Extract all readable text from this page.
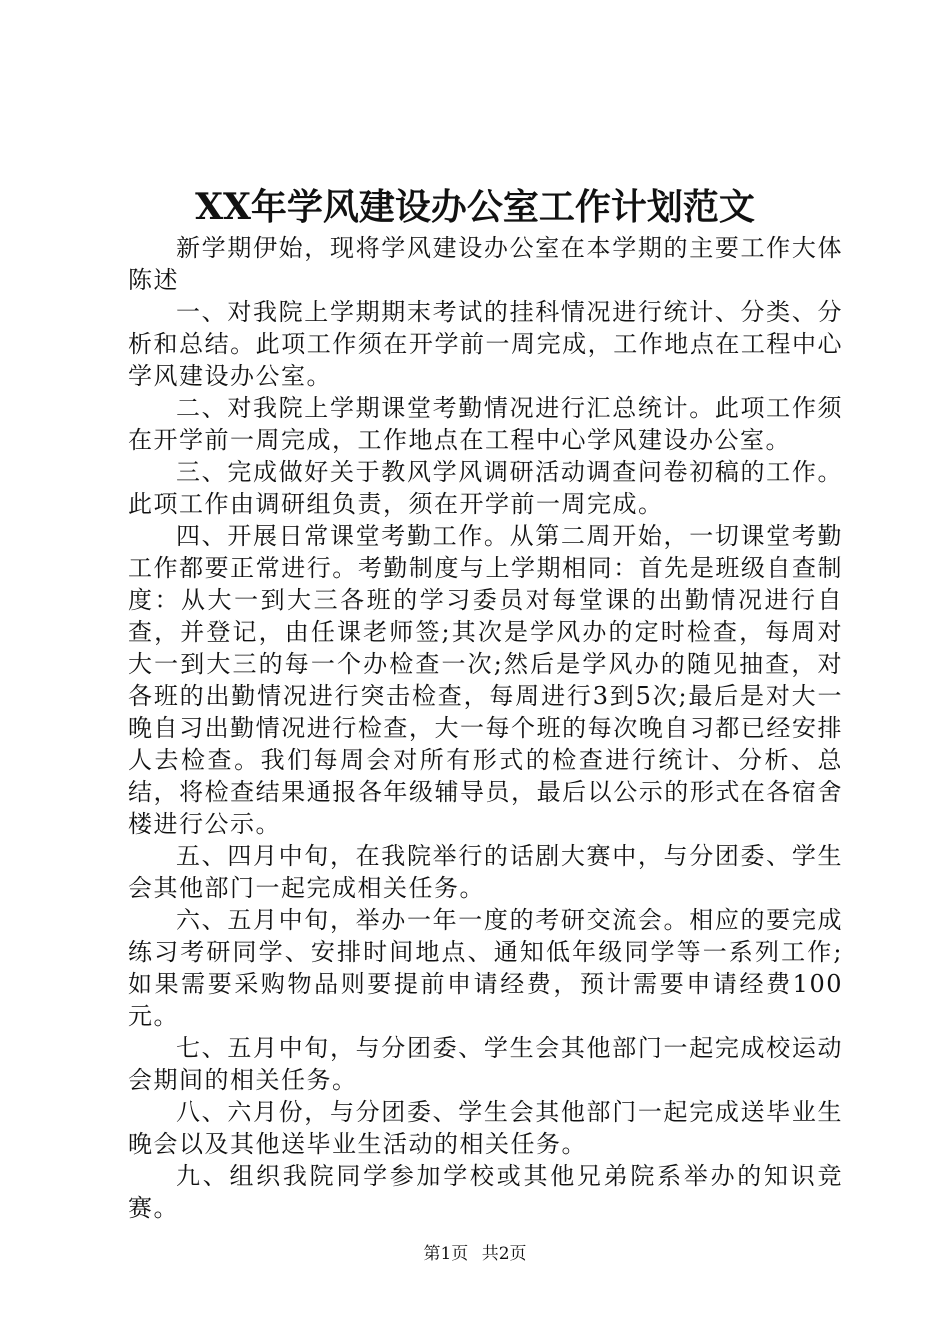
XX年学风建设办公室工作计划范文

新学期伊始，现将学风建设办公室在本学期的主要工作大体陈述

一、对我院上学期期末考试的挂科情况进行统计、分类、分析和总结。此项工作须在开学前一周完成，工作地点在工程中心学风建设办公室。

二、对我院上学期课堂考勤情况进行汇总统计。此项工作须在开学前一周完成，工作地点在工程中心学风建设办公室。

三、完成做好关于教风学风调研活动调查问卷初稿的工作。此项工作由调研组负责，须在开学前一周完成。

四、开展日常课堂考勤工作。从第二周开始，一切课堂考勤工作都要正常进行。考勤制度与上学期相同：首先是班级自查制度：从大一到大三各班的学习委员对每堂课的出勤情况进行自查，并登记，由任课老师签;其次是学风办的定时检查，每周对大一到大三的每一个办检查一次;然后是学风办的随见抽查，对各班的出勤情况进行突击检查，每周进行3到5次;最后是对大一晚自习出勤情况进行检查，大一每个班的每次晚自习都已经安排人去检查。我们每周会对所有形式的检查进行统计、分析、总结，将检查结果通报各年级辅导员，最后以公示的形式在各宿舍楼进行公示。

五、四月中旬，在我院举行的话剧大赛中，与分团委、学生会其他部门一起完成相关任务。

六、五月中旬，举办一年一度的考研交流会。相应的要完成练习考研同学、安排时间地点、通知低年级同学等一系列工作;如果需要采购物品则要提前申请经费，预计需要申请经费100元。

七、五月中旬，与分团委、学生会其他部门一起完成校运动会期间的相关任务。

八、六月份，与分团委、学生会其他部门一起完成送毕业生晚会以及其他送毕业生活动的相关任务。

九、组织我院同学参加学校或其他兄弟院系举办的知识竞赛。

第1页 共2页
